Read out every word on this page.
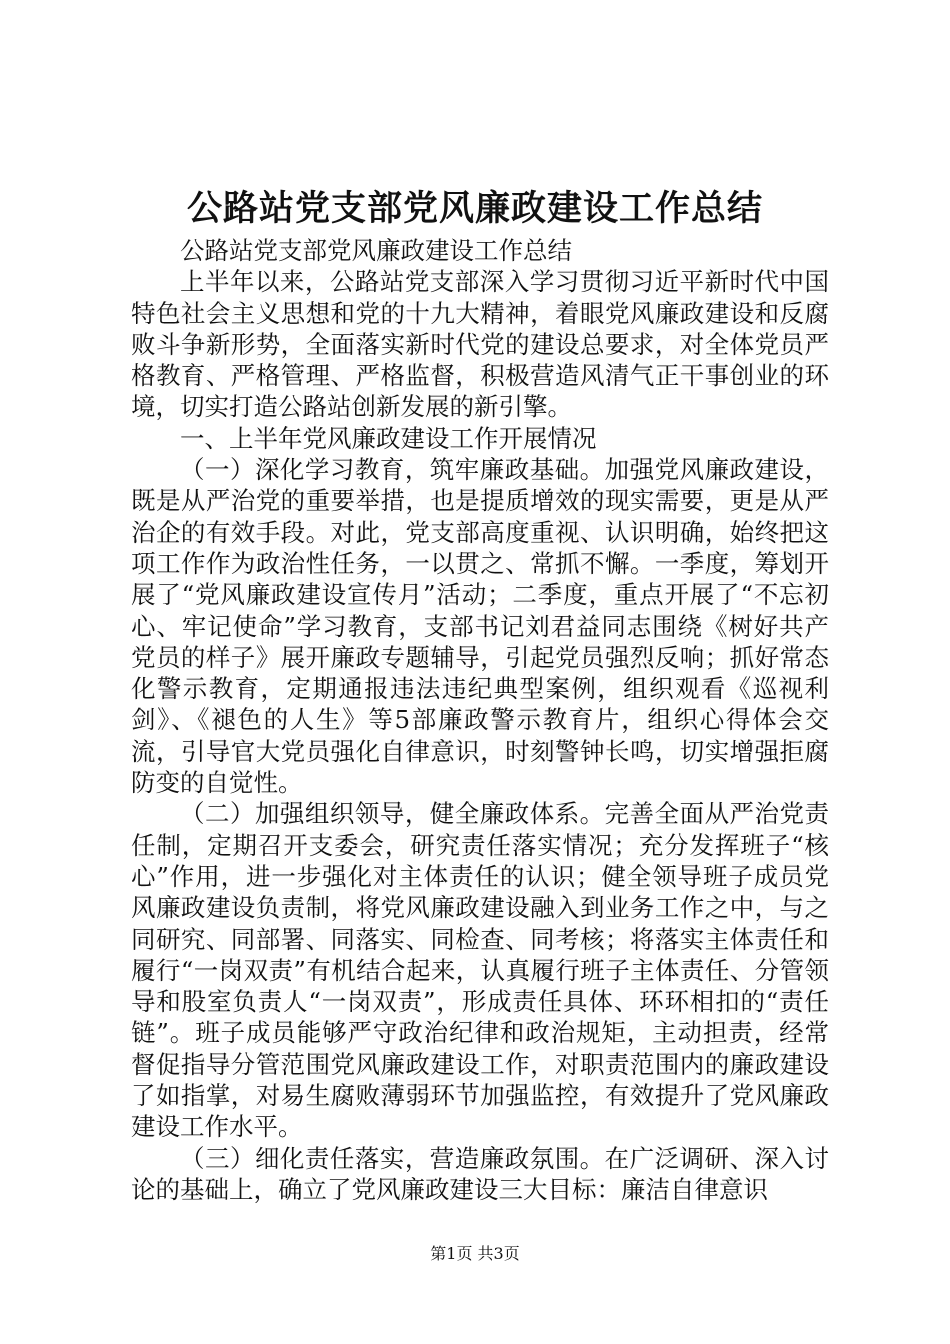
公路站党支部党风廉政建设工作总结

公路站党支部党风廉政建设工作总结

上半年以来，公路站党支部深入学习贯彻习近平新时代中国特色社会主义思想和党的十九大精神，着眼党风廉政建设和反腐败斗争新形势，全面落实新时代党的建设总要求，对全体党员严格教育、严格管理、严格监督，积极营造风清气正干事创业的环境，切实打造公路站创新发展的新引擎。

一、上半年党风廉政建设工作开展情况

（一）深化学习教育，筑牢廉政基础。加强党风廉政建设，既是从严治党的重要举措，也是提质增效的现实需要，更是从严治企的有效手段。对此，党支部高度重视、认识明确，始终把这项工作作为政治性任务，一以贯之、常抓不懈。一季度，筹划开展了“党风廉政建设宣传月”活动；二季度，重点开展了“不忘初心、牢记使命”学习教育，支部书记刘君益同志围绕《树好共产党员的样子》展开廉政专题辅导，引起党员强烈反响；抓好常态化警示教育，定期通报违法违纪典型案例，组织观看《巡视利剑》、《褪色的人生》等5部廉政警示教育片，组织心得体会交流，引导官大党员强化自律意识，时刻警钟长鸣，切实增强拒腐防变的自觉性。

（二）加强组织领导，健全廉政体系。完善全面从严治党责任制，定期召开支委会，研究责任落实情况；充分发挥班子“核心”作用，进一步强化对主体责任的认识；健全领导班子成员党风廉政建设负责制，将党风廉政建设融入到业务工作之中，与之同研究、同部署、同落实、同检查、同考核；将落实主体责任和履行“一岗双责”有机结合起来，认真履行班子主体责任、分管领导和股室负责人“一岗双责”，形成责任具体、环环相扣的“责任链”。班子成员能够严守政治纪律和政治规矩，主动担责，经常督促指导分管范围党风廉政建设工作，对职责范围内的廉政建设了如指掌，对易生腐败薄弱环节加强监控，有效提升了党风廉政建设工作水平。

（三）细化责任落实，营造廉政氛围。在广泛调研、深入讨论的基础上，确立了党风廉政建设三大目标：廉洁自律意识

第1页 共3页
